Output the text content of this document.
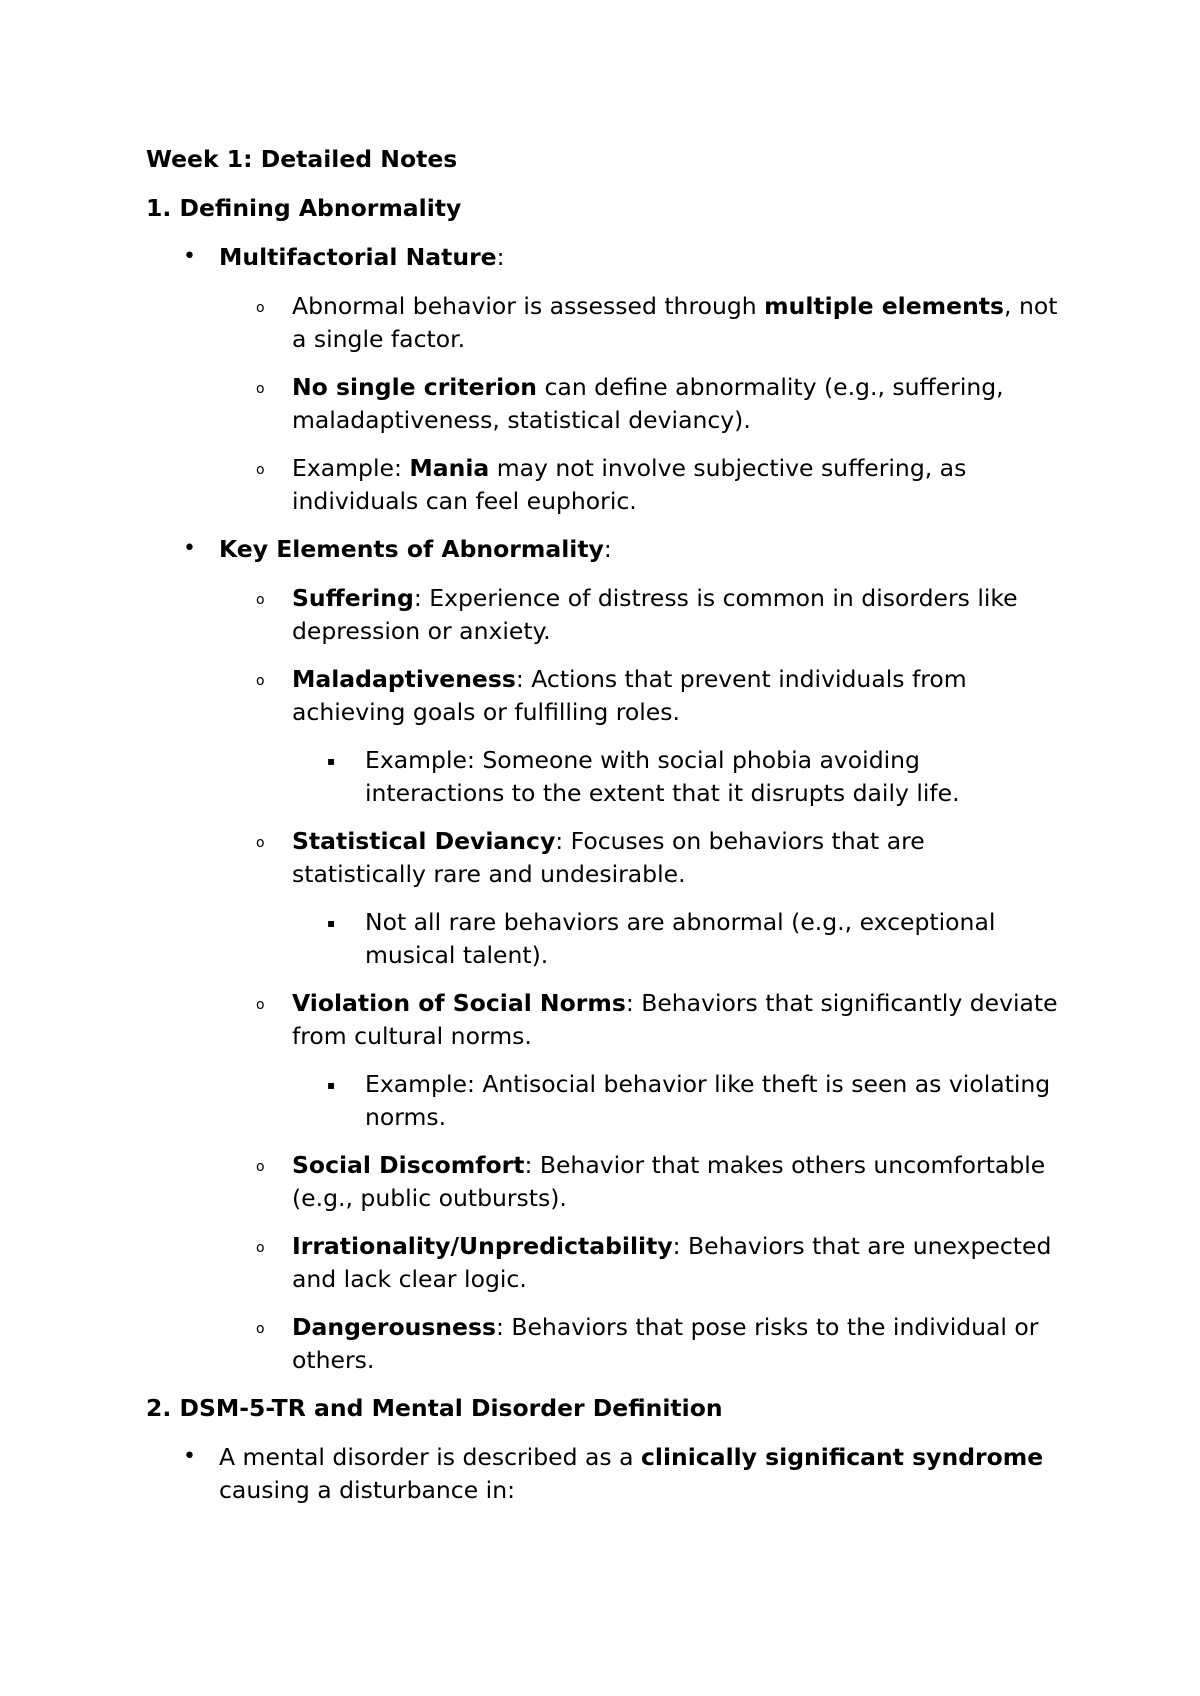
Week 1: Detailed Notes
1. Defining Abnormality
• Multifactorial Nature:
o Abnormal behavior is assessed through multiple elements, not a single factor.
o No single criterion can define abnormality (e.g., suffering, maladaptiveness, statistical deviancy).
o Example: Mania may not involve subjective suffering, as individuals can feel euphoric.
• Key Elements of Abnormality:
o Suffering: Experience of distress is common in disorders like depression or anxiety.
o Maladaptiveness: Actions that prevent individuals from achieving goals or fulfilling roles.
▪ Example: Someone with social phobia avoiding interactions to the extent that it disrupts daily life.
o Statistical Deviancy: Focuses on behaviors that are statistically rare and undesirable.
▪ Not all rare behaviors are abnormal (e.g., exceptional musical talent).
o Violation of Social Norms: Behaviors that significantly deviate from cultural norms.
▪ Example: Antisocial behavior like theft is seen as violating norms.
o Social Discomfort: Behavior that makes others uncomfortable (e.g., public outbursts).
o Irrationality/Unpredictability: Behaviors that are unexpected and lack clear logic.
o Dangerousness: Behaviors that pose risks to the individual or others.
2. DSM-5-TR and Mental Disorder Definition
• A mental disorder is described as a clinically significant syndrome causing a disturbance in:
